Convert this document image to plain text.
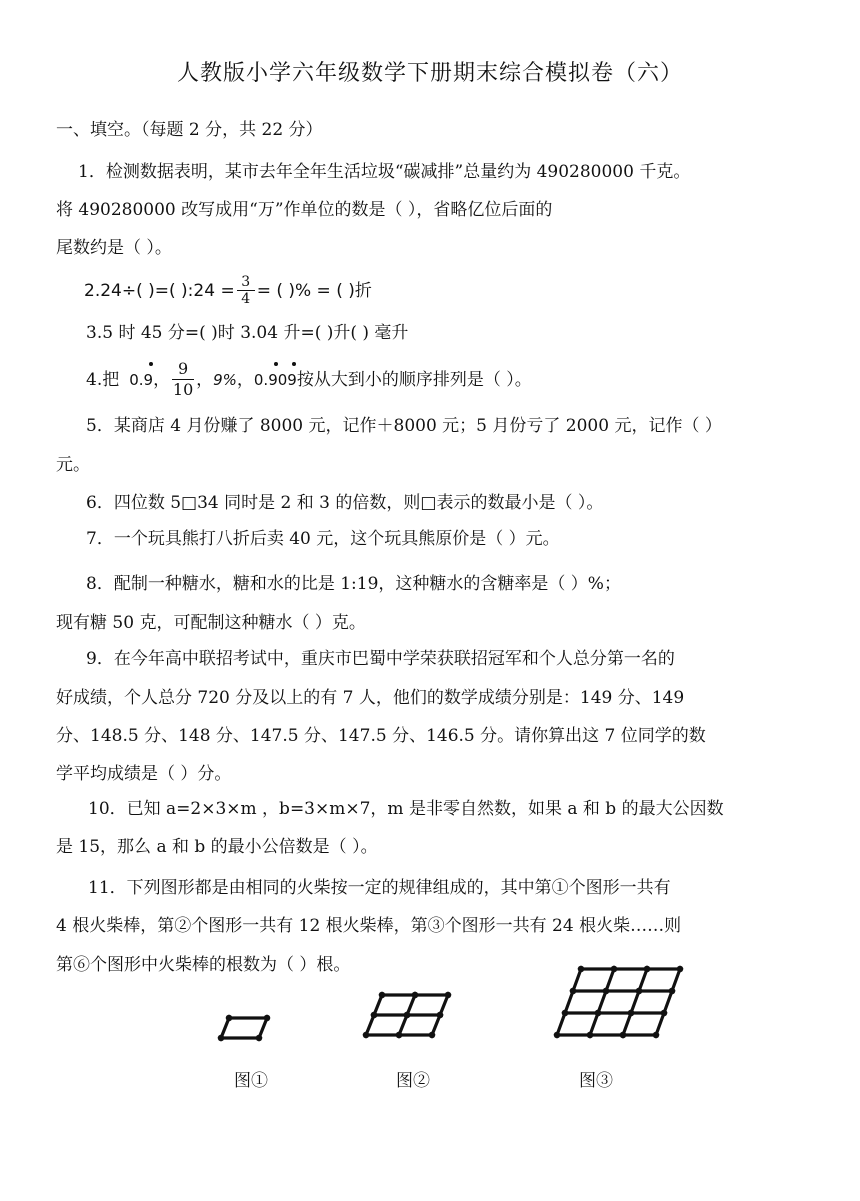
人教版小学六年级数学下册期末综合模拟卷（六）
一、填空。（每题 2 分，共 22 分）
1．检测数据表明，某市去年全年生活垃圾“碳减排”总量约为 490280000 千克。
将 490280000 改写成用“万”作单位的数是（ ），省略亿位后面的
尾数约是（ ）。
2.24÷( )=( ):24 = $\frac{3}{4}$ = ( )% = ( )折
3.5 时 45 分=( )时 3.04 升=( )升( ) 毫升
4.把 0.9 ， $\frac{9}{10}$ ， 9% ， 0.909 按从大到小的顺序排列是（ ）。
5．某商店 4 月份赚了 8000 元，记作＋8000 元；5 月份亏了 2000 元，记作（ ）
元。
6．四位数 5□34 同时是 2 和 3 的倍数，则□表示的数最小是（ ）。
7．一个玩具熊打八折后卖 40 元，这个玩具熊原价是（ ）元。
8．配制一种糖水，糖和水的比是 1:19，这种糖水的含糖率是（ ）%；
现有糖 50 克，可配制这种糖水（ ）克。
9．在今年高中联招考试中，重庆市巴蜀中学荣获联招冠军和个人总分第一名的
好成绩，个人总分 720 分及以上的有 7 人，他们的数学成绩分别是：149 分、149
分、148.5 分、148 分、147.5 分、147.5 分、146.5 分。请你算出这 7 位同学的数
学平均成绩是（ ）分。
10．已知 a=2×3×m ，b=3×m×7，m 是非零自然数，如果 a 和 b 的最大公因数
是 15，那么 a 和 b 的最小公倍数是（ ）。
11．下列图形都是由相同的火柴按一定的规律组成的，其中第①个图形一共有
4 根火柴棒，第②个图形一共有 12 根火柴棒，第③个图形一共有 24 根火柴……则
第⑥个图形中火柴棒的根数为（ ）根。
图①	图②	图③
